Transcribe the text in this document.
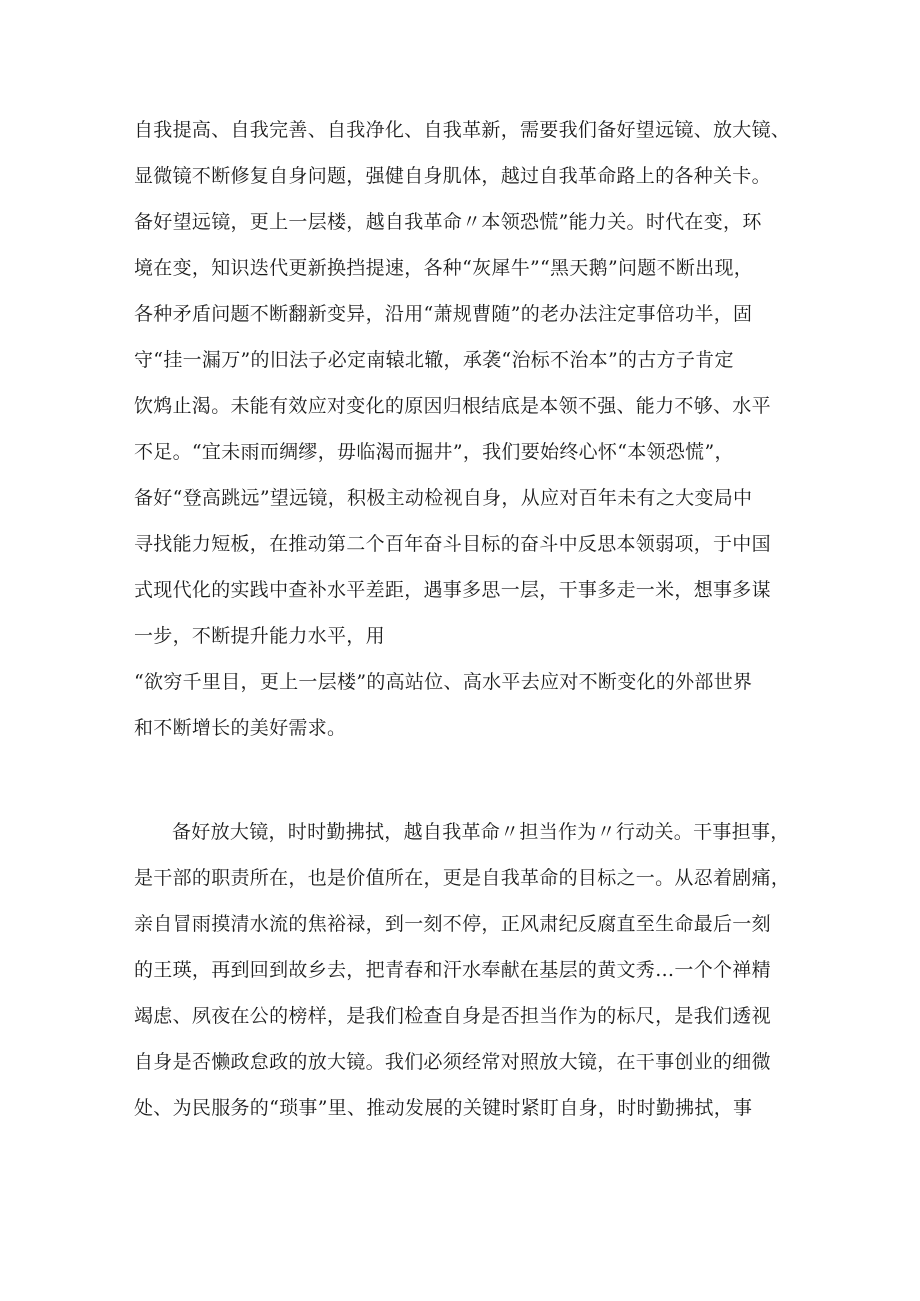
自我提高、自我完善、自我净化、自我革新，需要我们备好望远镜、放大镜、
显微镜不断修复自身问题，强健自身肌体，越过自我革命路上的各种关卡。
备好望远镜，更上一层楼，越自我革命〃本领恐慌”能力关。时代在变，环
境在变，知识迭代更新换挡提速，各种“灰犀牛”“黑天鹅”问题不断出现，
各种矛盾问题不断翻新变异，沿用“萧规曹随”的老办法注定事倍功半，固
守“挂一漏万”的旧法子必定南辕北辙，承袭“治标不治本”的古方子肯定
饮鸩止渴。未能有效应对变化的原因归根结底是本领不强、能力不够、水平
不足。“宜未雨而绸缪，毋临渴而掘井”，我们要始终心怀“本领恐慌”，
备好“登高跳远”望远镜，积极主动检视自身，从应对百年未有之大变局中
寻找能力短板，在推动第二个百年奋斗目标的奋斗中反思本领弱项，于中国
式现代化的实践中查补水平差距，遇事多思一层，干事多走一米，想事多谋
一步，不断提升能力水平，用
“欲穷千里目，更上一层楼”的高站位、高水平去应对不断变化的外部世界
和不断增长的美好需求。
备好放大镜，时时勤拂拭，越自我革命〃担当作为〃行动关。干事担事，
是干部的职责所在，也是价值所在，更是自我革命的目标之一。从忍着剧痛，
亲自冒雨摸清水流的焦裕禄，到一刻不停，正风肃纪反腐直至生命最后一刻
的王瑛，再到回到故乡去，把青春和汗水奉献在基层的黄文秀…一个个禅精
竭虑、夙夜在公的榜样，是我们检查自身是否担当作为的标尺，是我们透视
自身是否懒政怠政的放大镜。我们必须经常对照放大镜，在干事创业的细微
处、为民服务的“琐事”里、推动发展的关键时紧盯自身，时时勤拂拭，事
